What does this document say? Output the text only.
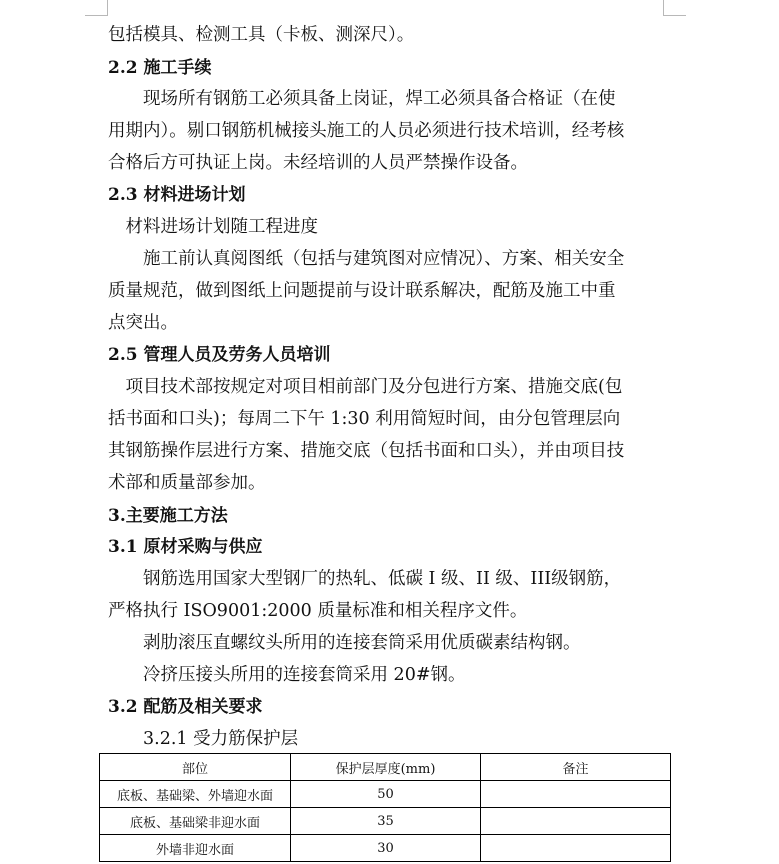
包括模具、检测工具（卡板、测深尺）。
2.2 施工手续
　　现场所有钢筋工必须具备上岗证，焊工必须具备合格证（在使
用期内）。剔口钢筋机械接头施工的人员必须进行技术培训，经考核
合格后方可执证上岗。未经培训的人员严禁操作设备。
2.3 材料进场计划
　材料进场计划随工程进度
　　施工前认真阅图纸（包括与建筑图对应情况）、方案、相关安全
质量规范，做到图纸上问题提前与设计联系解决，配筋及施工中重
点突出。
2.5 管理人员及劳务人员培训
　项目技术部按规定对项目相前部门及分包进行方案、措施交底(包
括书面和口头)；每周二下午 1:30 利用简短时间，由分包管理层向
其钢筋操作层进行方案、措施交底（包括书面和口头），并由项目技
术部和质量部参加。
3.主要施工方法
3.1 原材采购与供应
　　钢筋选用国家大型钢厂的热轧、低碳 I 级、II 级、III级钢筋，
严格执行 ISO9001:2000 质量标准和相关程序文件。
　　剥肋滚压直螺纹头所用的连接套筒采用优质碳素结构钢。
　　冷挤压接头所用的连接套筒采用 20#钢。
3.2 配筋及相关要求
　　3.2.1 受力筋保护层
部位	保护层厚度(mm)	备注
底板、基础梁、外墙迎水面	50	
底板、基础梁非迎水面	35	
外墙非迎水面	30	
